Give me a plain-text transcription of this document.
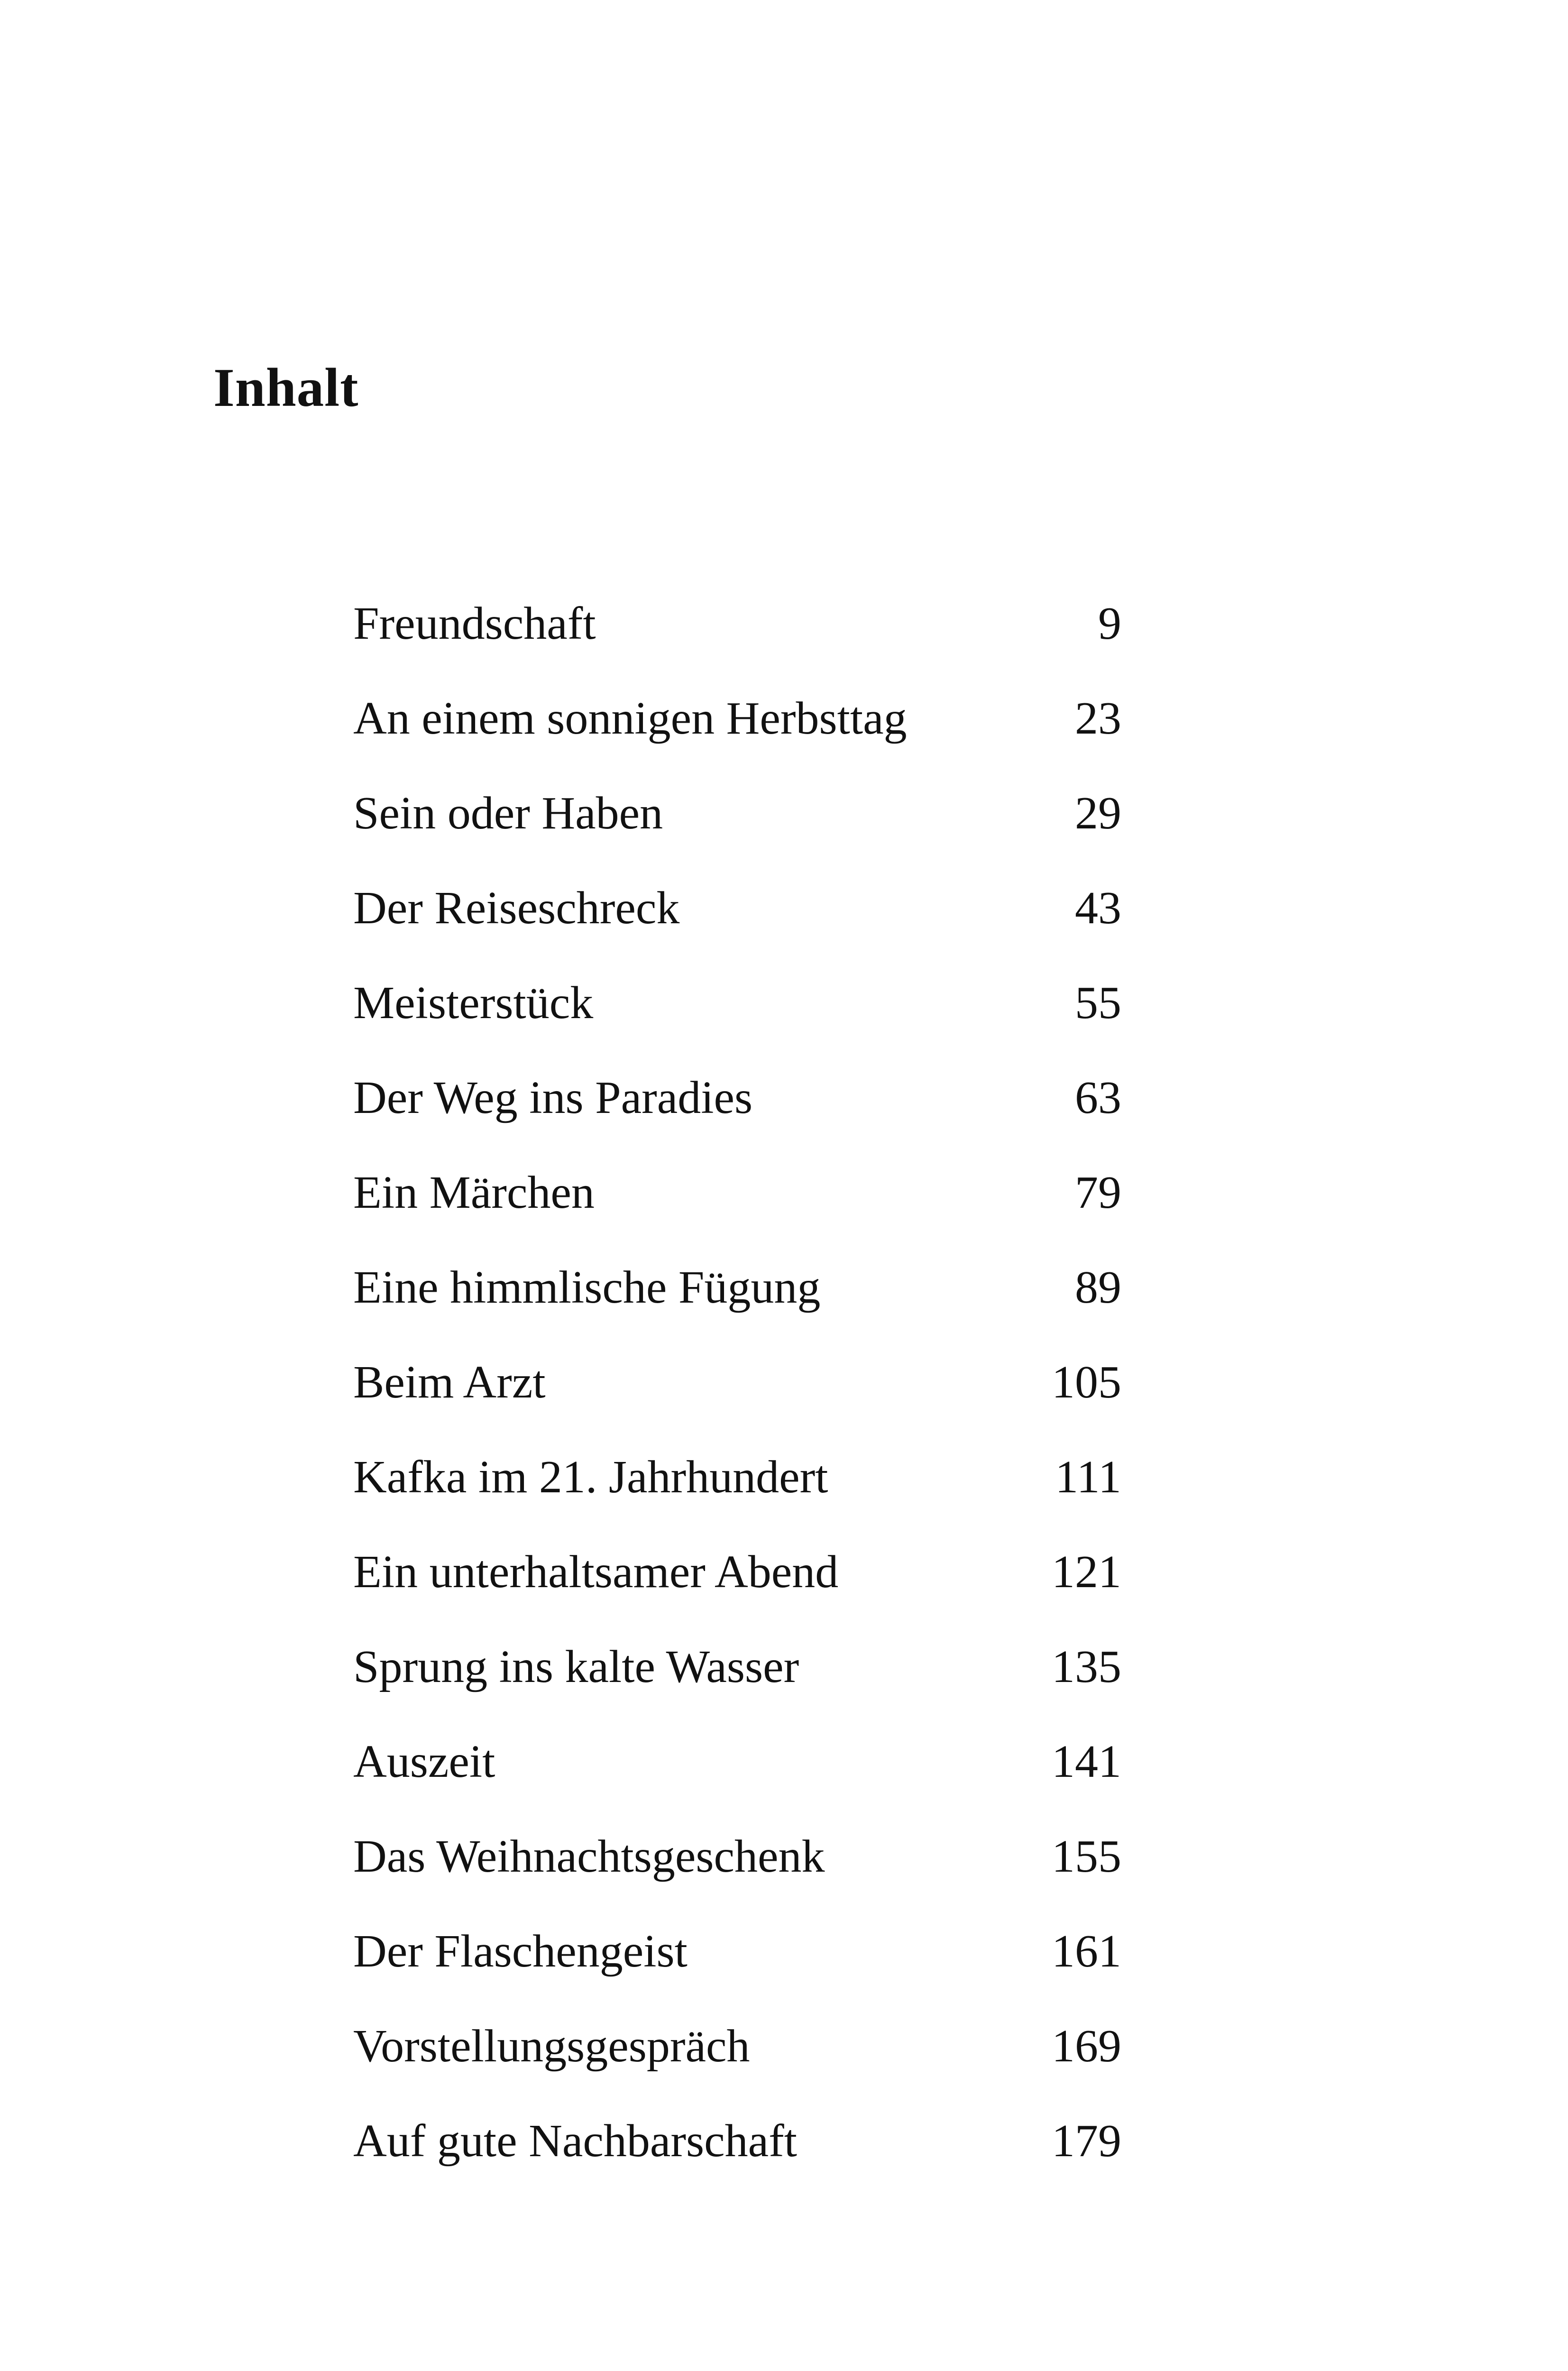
Inhalt
Freundschaft	9
An einem sonnigen Herbsttag	23
Sein oder Haben	29
Der Reiseschreck	43
Meisterstück	55
Der Weg ins Paradies	63
Ein Märchen	79
Eine himmlische Fügung	89
Beim Arzt	105
Kafka im 21. Jahrhundert	111
Ein unterhaltsamer Abend	121
Sprung ins kalte Wasser	135
Auszeit	141
Das Weihnachtsgeschenk	155
Der Flaschengeist	161
Vorstellungsgespräch	169
Auf gute Nachbarschaft	179
